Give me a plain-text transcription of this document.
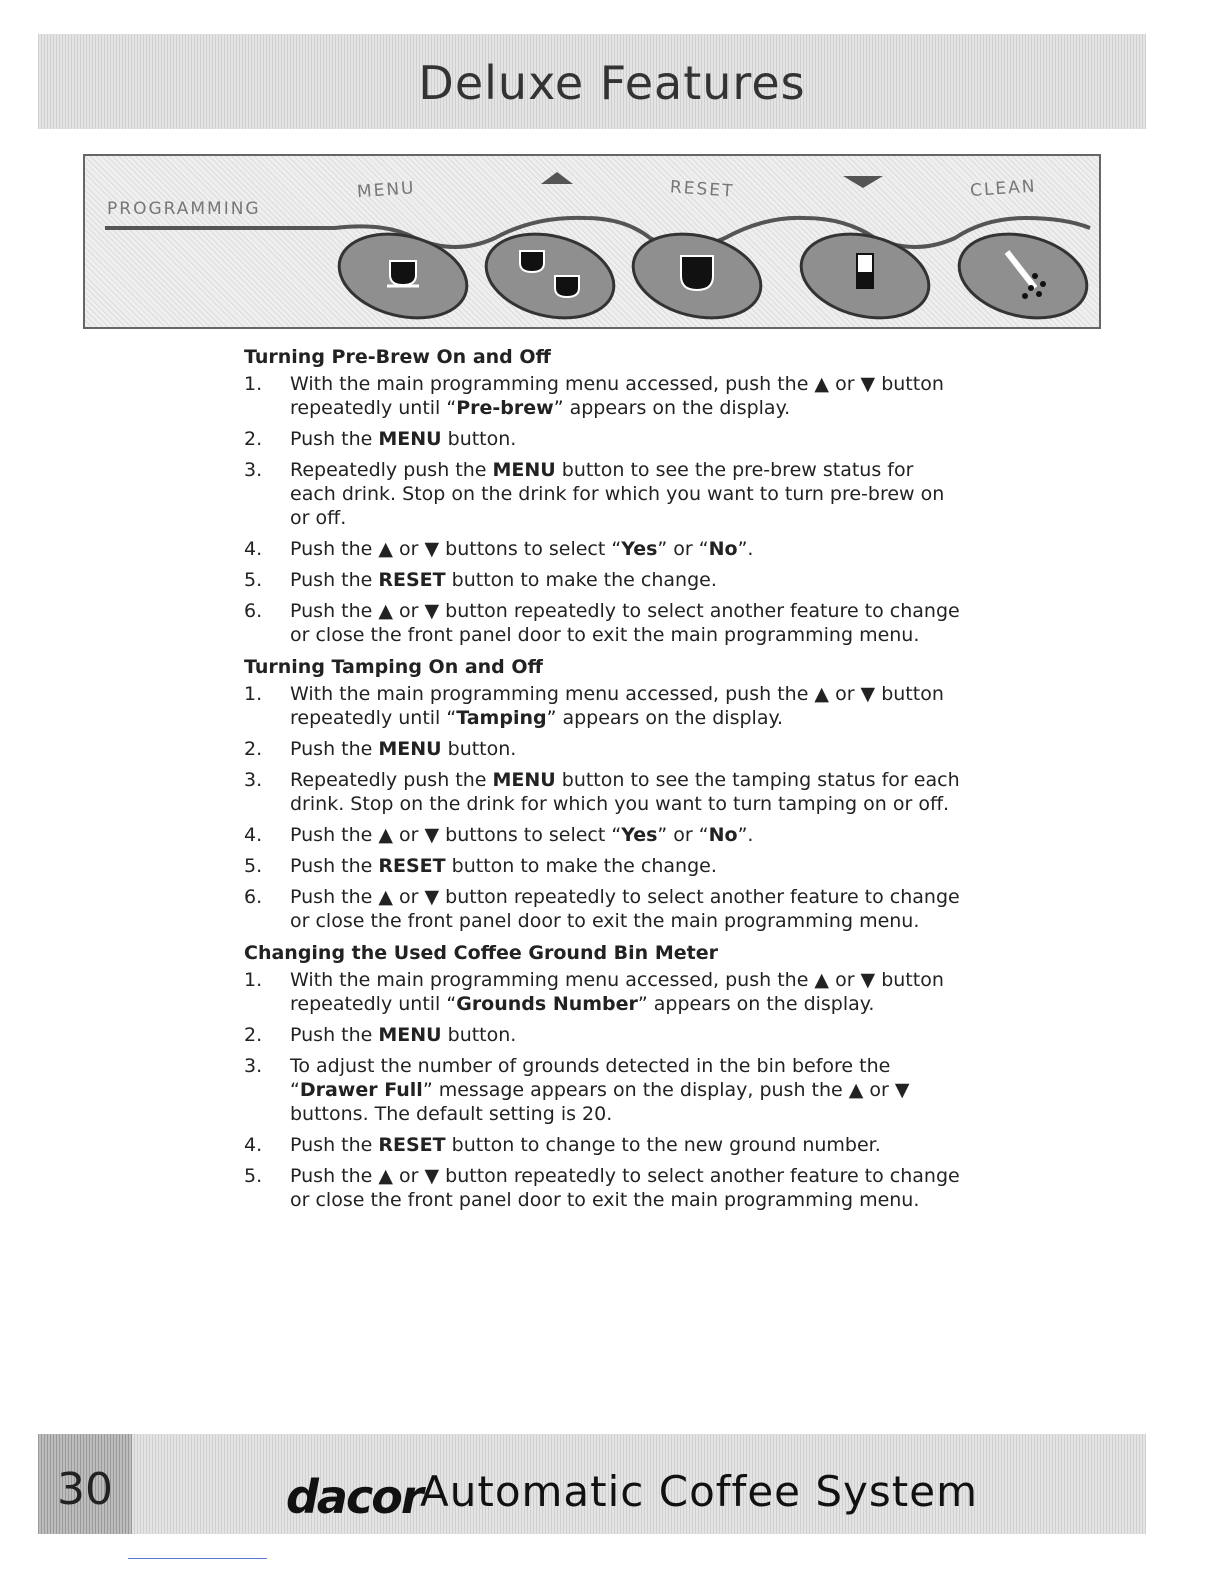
Deluxe Features
PROGRAMMING
MENU	RESET	CLEAN
Turning Pre-Brew On and Off
1. With the main programming menu accessed, push the ▲ or ▼ button repeatedly until “Pre-brew” appears on the display.
2. Push the MENU button.
3. Repeatedly push the MENU button to see the pre-brew status for each drink. Stop on the drink for which you want to turn pre-brew on or off.
4. Push the ▲ or ▼ buttons to select “Yes” or “No”.
5. Push the RESET button to make the change.
6. Push the ▲ or ▼ button repeatedly to select another feature to change or close the front panel door to exit the main programming menu.
Turning Tamping On and Off
1. With the main programming menu accessed, push the ▲ or ▼ button repeatedly until “Tamping” appears on the display.
2. Push the MENU button.
3. Repeatedly push the MENU button to see the tamping status for each drink. Stop on the drink for which you want to turn tamping on or off.
4. Push the ▲ or ▼ buttons to select “Yes” or “No”.
5. Push the RESET button to make the change.
6. Push the ▲ or ▼ button repeatedly to select another feature to change or close the front panel door to exit the main programming menu.
Changing the Used Coffee Ground Bin Meter
1. With the main programming menu accessed, push the ▲ or ▼ button repeatedly until “Grounds Number” appears on the display.
2. Push the MENU button.
3. To adjust the number of grounds detected in the bin before the “Drawer Full” message appears on the display, push the ▲ or ▼ buttons. The default setting is 20.
4. Push the RESET button to change to the new ground number.
5. Push the ▲ or ▼ button repeatedly to select another feature to change or close the front panel door to exit the main programming menu.
30	dacor
Automatic Coffee System
